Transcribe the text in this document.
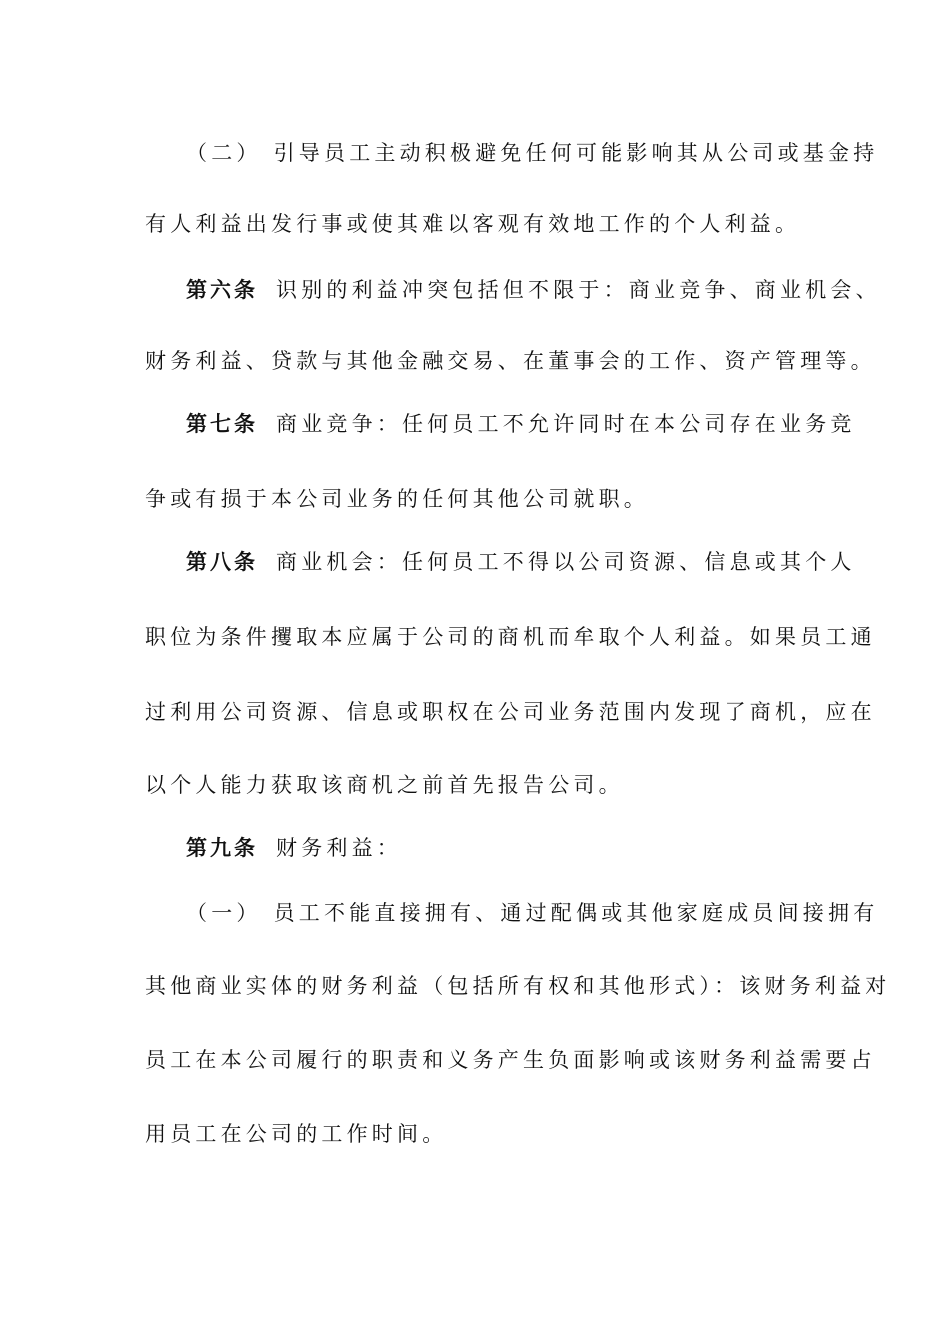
（二） 引导员工主动积极避免任何可能影响其从公司或基金持
有人利益出发行事或使其难以客观有效地工作的个人利益。
第六条 识别的利益冲突包括但不限于：商业竞争、商业机会、
财务利益、贷款与其他金融交易、在董事会的工作、资产管理等。
第七条 商业竞争：任何员工不允许同时在本公司存在业务竞
争或有损于本公司业务的任何其他公司就职。
第八条 商业机会：任何员工不得以公司资源、信息或其个人
职位为条件攫取本应属于公司的商机而牟取个人利益。如果员工通
过利用公司资源、信息或职权在公司业务范围内发现了商机，应在
以个人能力获取该商机之前首先报告公司。
第九条 财务利益：
（一） 员工不能直接拥有、通过配偶或其他家庭成员间接拥有
其他商业实体的财务利益（包括所有权和其他形式）：该财务利益对
员工在本公司履行的职责和义务产生负面影响或该财务利益需要占
用员工在公司的工作时间。
